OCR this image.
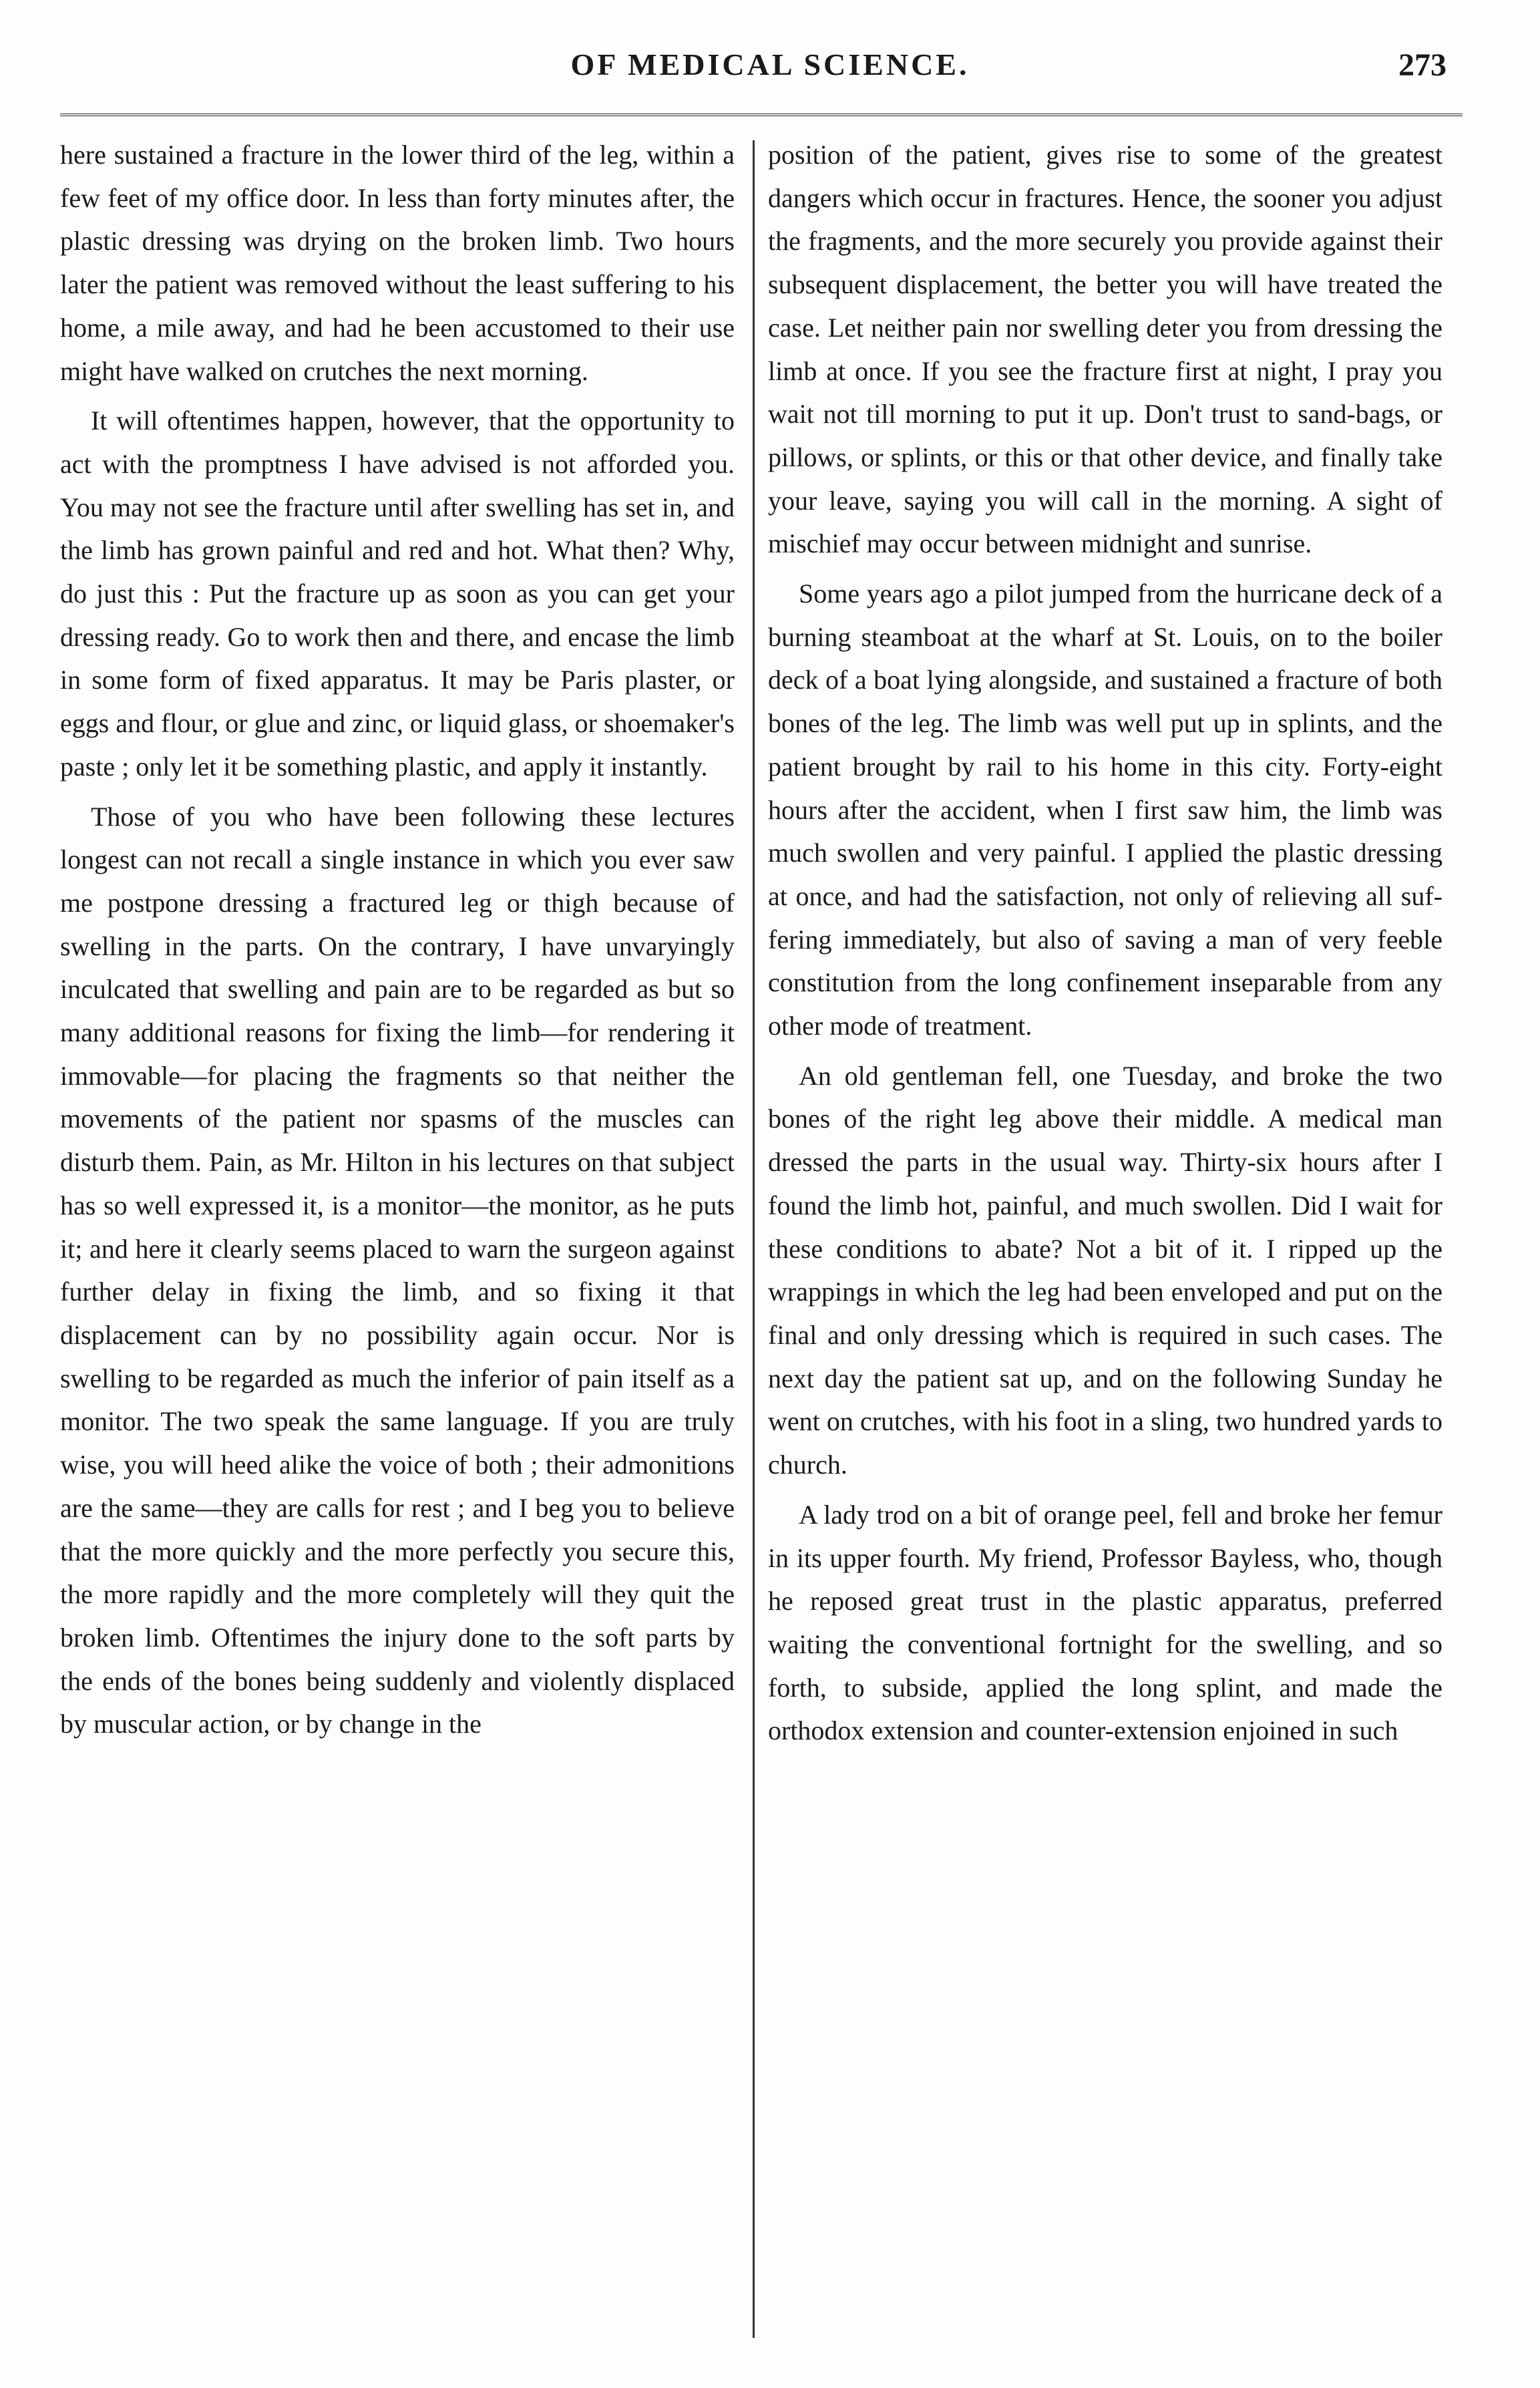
OF MEDICAL SCIENCE.	273

here sustained a fracture in the lower third of the leg, within a few feet of my office door. In less than forty minutes after, the plastic dressing was drying on the broken limb. Two hours later the patient was removed without the least suffering to his home, a mile away, and had he been accustomed to their use might have walked on crutches the next morning.

It will oftentimes happen, however, that the opportunity to act with the promptness I have advised is not afforded you. You may not see the fracture until after swelling has set in, and the limb has grown painful and red and hot. What then? Why, do just this : Put the fracture up as soon as you can get your dressing ready. Go to work then and there, and encase the limb in some form of fixed apparatus. It may be Paris plaster, or eggs and flour, or glue and zinc, or liquid glass, or shoemaker's paste ; only let it be something plastic, and apply it instantly.

Those of you who have been following these lectures longest can not recall a single instance in which you ever saw me postpone dressing a fractured leg or thigh because of swelling in the parts. On the contrary, I have unvaryingly inculcated that swelling and pain are to be regarded as but so many additional reasons for fixing the limb—for rendering it immovable—for placing the fragments so that neither the movements of the patient nor spasms of the muscles can disturb them. Pain, as Mr. Hilton in his lectures on that subject has so well expressed it, is a monitor—the monitor, as he puts it; and here it clearly seems placed to warn the surgeon against further delay in fixing the limb, and so fixing it that displacement can by no possibility again occur. Nor is swelling to be regarded as much the inferior of pain itself as a monitor. The two speak the same language. If you are truly wise, you will heed alike the voice of both ; their admonitions are the same—they are calls for rest ; and I beg you to believe that the more quickly and the more perfectly you secure this, the more rapidly and the more completely will they quit the broken limb. Oftentimes the injury done to the soft parts by the ends of the bones being suddenly and violently displaced by muscular action, or by change in the

position of the patient, gives rise to some of the greatest dangers which occur in fractures. Hence, the sooner you adjust the fragments, and the more securely you provide against their subsequent displacement, the better you will have treated the case. Let neither pain nor swelling deter you from dressing the limb at once. If you see the fracture first at night, I pray you wait not till morning to put it up. Don't trust to sand-bags, or pillows, or splints, or this or that other device, and finally take your leave, saying you will call in the morning. A sight of mischief may occur between midnight and sunrise.

Some years ago a pilot jumped from the hurricane deck of a burning steamboat at the wharf at St. Louis, on to the boiler deck of a boat lying alongside, and sustained a fracture of both bones of the leg. The limb was well put up in splints, and the patient brought by rail to his home in this city. Forty-eight hours after the accident, when I first saw him, the limb was much swollen and very painful. I applied the plastic dressing at once, and had the satisfaction, not only of relieving all suffering immediately, but also of saving a man of very feeble constitution from the long confinement inseparable from any other mode of treatment.

An old gentleman fell, one Tuesday, and broke the two bones of the right leg above their middle. A medical man dressed the parts in the usual way. Thirty-six hours after I found the limb hot, painful, and much swollen. Did I wait for these conditions to abate? Not a bit of it. I ripped up the wrappings in which the leg had been enveloped and put on the final and only dressing which is required in such cases. The next day the patient sat up, and on the following Sunday he went on crutches, with his foot in a sling, two hundred yards to church.

A lady trod on a bit of orange peel, fell and broke her femur in its upper fourth. My friend, Professor Bayless, who, though he reposed great trust in the plastic apparatus, preferred waiting the conventional fortnight for the swelling, and so forth, to subside, applied the long splint, and made the orthodox extension and counter-extension enjoined in such
